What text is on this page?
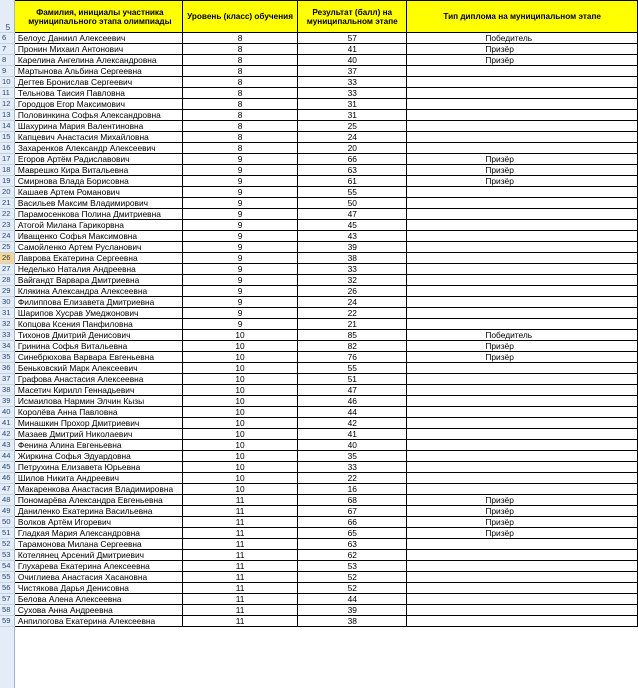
5	Фамилия, инициалы участника муниципального этапа олимпиады	Уровень (класс) обучения	Результат (балл) на муниципальном этапе	Тип диплома на муниципальном этапе
6	Белоус Даниил Алексеевич	8	57	Победитель
7	Пронин Михаил Антонович	8	41	Призёр
8	Карелина Ангелина Александровна	8	40	Призёр
9	Мартынова Альбина Сергеевна	8	37	
10	Дегтев Бронислав Сергеевич	8	33	
11	Тельнова Таисия Павловна	8	33	
12	Городцов Егор Максимович	8	31	
13	Половинкина Софья Александровна	8	31	
14	Шахурина Мария Валентиновна	8	25	
15	Капцевич Анастасия Михайловна	8	24	
16	Захаренков Александр Алексеевич	8	20	
17	Егоров Артём Радиславович	9	66	Призёр
18	Маврешко Кира Витальевна	9	63	Призёр
19	Смирнова Влада Борисовна	9	61	Призёр
20	Кашаев Артем Романович	9	55	
21	Васильев Максим Владимирович	9	50	
22	Парамосенкова Полина Дмитриевна	9	47	
23	Атогой Милана Гарикорвна	9	45	
24	Иващенко Софья Максимовна	9	43	
25	Самойленко Артем Русланович	9	39	
26	Лаврова Екатерина Сергеевна	9	38	
27	Неделько Наталия Андреевна	9	33	
28	Вайгандт Варвара Дмитриевна	9	32	
29	Клякина Александра Алексеевна	9	26	
30	Филиппова Елизавета Дмитриевна	9	24	
31	Шарипов Хусрав Умеджонович	9	22	
32	Копцова Ксения Панфиловна	9	21	
33	Тихонов Дмитрий Денисович	10	85	Победитель
34	Гринина Софья Витальевна	10	82	Призёр
35	Синебрюхова Варвара Евгеньевна	10	76	Призёр
36	Беньковский Марк Алексеевич	10	55	
37	Графова Анастасия Алексеевна	10	51	
38	Масетич Кирилл Геннадьевич	10	47	
39	Исмаилова Нармин Элчин Кызы	10	46	
40	Королёва Анна Павловна	10	44	
41	Минашкин Прохор Дмитриевич	10	42	
42	Мазаев Дмитрий Николаевич	10	41	
43	Фенина Алина Евгеньевна	10	40	
44	Жиркина Софья Эдуардовна	10	35	
45	Петрухина Елизавета Юрьевна	10	33	
46	Шилов Никита Андреевич	10	22	
47	Макаренкова Анастасия Владимировна	10	16	
48	Пономарёва Александра Евгеньевна	11	68	Призёр
49	Даниленко Екатерина Васильевна	11	67	Призёр
50	Волков Артём Игоревич	11	66	Призёр
51	Гладкая Мария Александровна	11	65	Призёр
52	Тарамонова Милана Сергеевна	11	63	
53	Котелянец Арсений Дмитриевич	11	62	
54	Глухарева Екатерина Алексеевна	11	53	
55	Очиглиева Анастасия Хасановна	11	52	
56	Чистякова Дарья Денисовна	11	52	
57	Белова Алена Алексеевна	11	44	
58	Сухова Анна Андреевна	11	39	
59	Анпилогова Екатерина Алексеевна	11	38	
